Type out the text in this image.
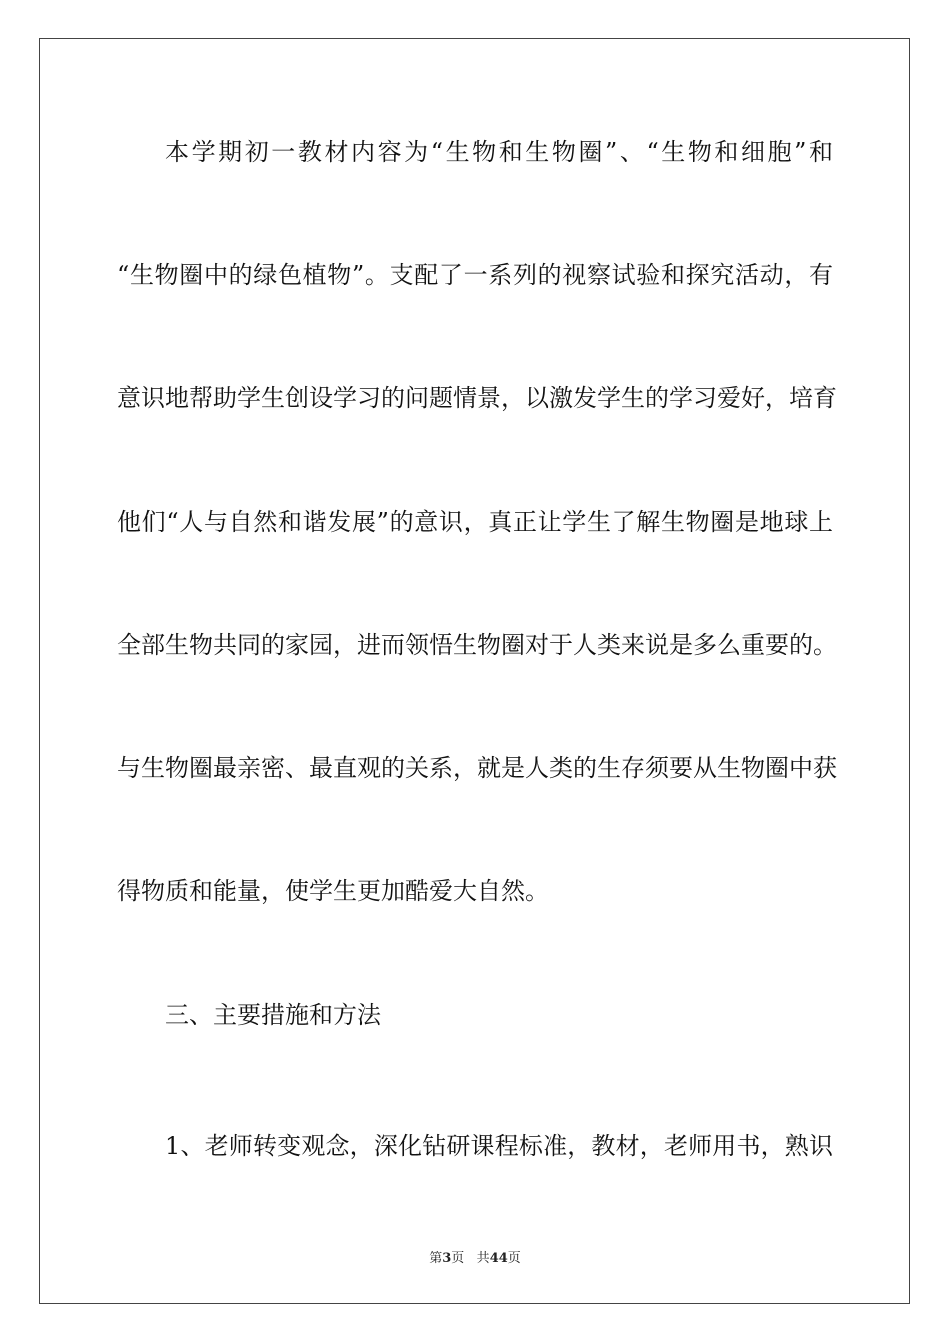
本学期初一教材内容为“生物和生物圈”、“生物和细胞”和
“生物圈中的绿色植物”。支配了一系列的视察试验和探究活动，有
意识地帮助学生创设学习的问题情景，以激发学生的学习爱好，培育
他们“人与自然和谐发展”的意识，真正让学生了解生物圈是地球上
全部生物共同的家园，进而领悟生物圈对于人类来说是多么重要的。
与生物圈最亲密、最直观的关系，就是人类的生存须要从生物圈中获
得物质和能量，使学生更加酷爱大自然。
三、主要措施和方法
1、老师转变观念，深化钻研课程标准，教材，老师用书，熟识
第3页 共44页
